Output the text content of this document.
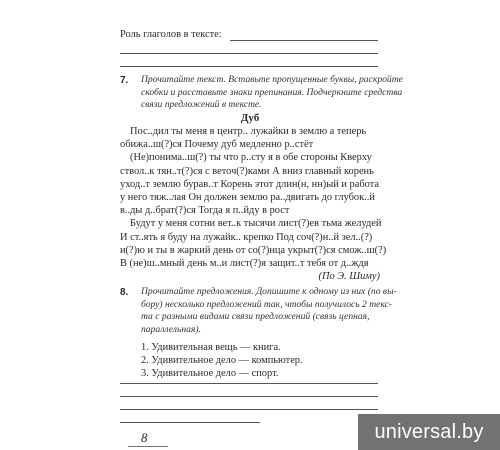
Роль глаголов в тексте:
7. Прочитайте текст. Вставьте пропущенные буквы, раскройте
скобки и расставьте знаки препинания. Подчеркните средства
связи предложений в тексте.
Дуб
Пос..дил ты меня в центр.. лужайки в землю а теперь
обижа..ш(?)ся Почему дуб медленно р..стёт
(Не)понима..ш(?) ты что р..сту я в обе стороны Кверху
ствол..к тян..т(?)ся с веточ(?)ками А вниз главный корень
уход..т землю бурав..т Корень этот длин(н, нн)ый и работа
у него тяж..лая Он должен землю ра..двигать до глубок..й
в..ды д..брат(?)ся Тогда я п..йду в рост
Будут у меня сотни вет..к тысячи лист(?)ев тьма желудей
И ст..ять я буду на лужайк.. крепко Под соч(?)н..й зел..(?)
и(?)ю и ты в жаркий день от со(?)нца укрыт(?)ся смож..ш(?)
В (не)ш..мный день м..и лист(?)я защит..т тебя от д..ждя
(По Э. Шиму)
8. Прочитайте предложения. Допишите к одному из них (по вы-
бору) несколько предложений так, чтобы получилось 2 текс-
та с разными видами связи предложений (связь цепная,
параллельная).
1. Удивительная вещь — книга.
2. Удивительное дело — компьютер.
3. Удивительное дело — спорт.
8	universal.by
